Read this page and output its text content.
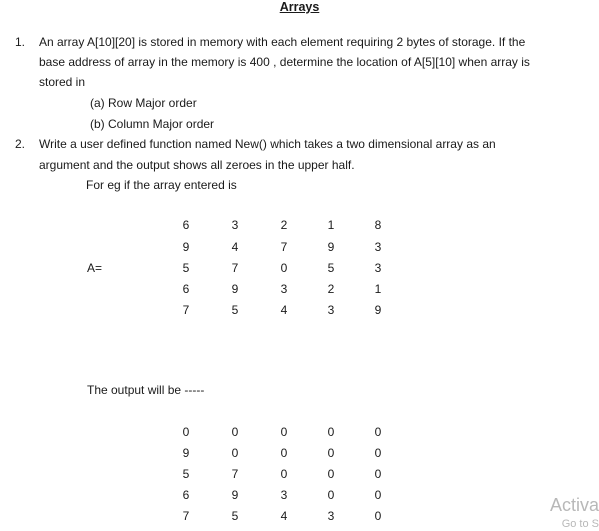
Arrays
1. An array A[10][20] is stored in memory with each element requiring 2 bytes of storage. If the
base address of array in the memory is 400 , determine the location of A[5][10] when array is
stored in
(a) Row Major order
(b) Column Major order
2. Write a user defined function named New() which takes a two dimensional array as an
argument and the output shows all zeroes in the upper half.
For eg if the array entered is
A=
6	3	2	1	8
9	4	7	9	3
5	7	0	5	3
6	9	3	2	1
7	5	4	3	9
The output will be -----
0	0	0	0	0
9	0	0	0	0
5	7	0	0	0
6	9	3	0	0
7	5	4	3	0
Activa
Go to S
